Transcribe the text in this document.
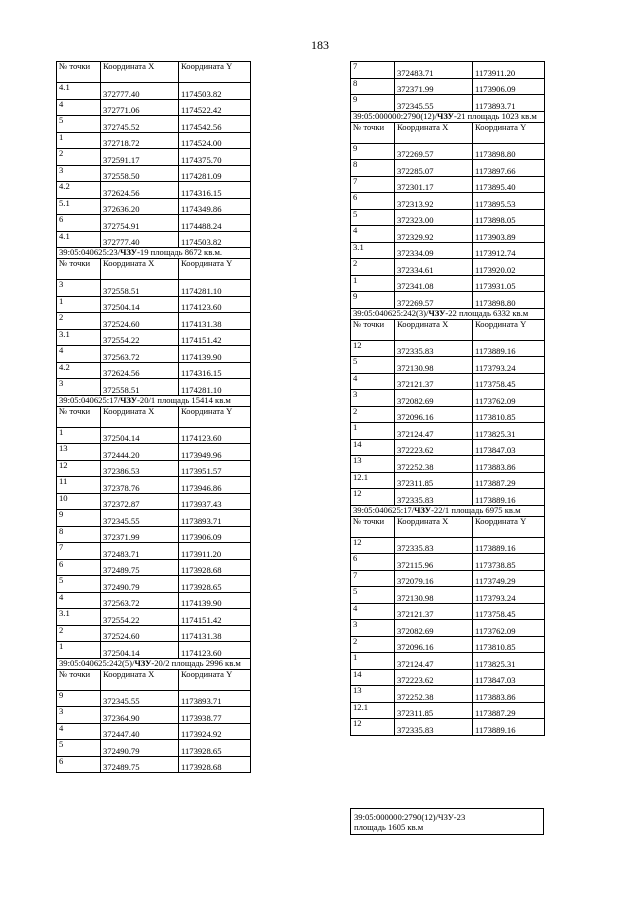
183
№ точки	Координата X	Координата Y
4.1	372777.40	1174503.82
4	372771.06	1174522.42
5	372745.52	1174542.56
1	372718.72	1174524.00
2	372591.17	1174375.70
3	372558.50	1174281.09
4.2	372624.56	1174316.15
5.1	372636.20	1174349.86
6	372754.91	1174488.24
4.1	372777.40	1174503.82
39:05:040625:23/ЧЗУ-19 площадь 8672 кв.м.		
№ точки	Координата X	Координата Y
3	372558.51	1174281.10
1	372504.14	1174123.60
2	372524.60	1174131.38
3.1	372554.22	1174151.42
4	372563.72	1174139.90
4.2	372624.56	1174316.15
3	372558.51	1174281.10
39:05:040625:17/ЧЗУ-20/1 площадь 15414 кв.м		
№ точки	Координата X	Координата Y
1	372504.14	1174123.60
13	372444.20	1173949.96
12	372386.53	1173951.57
11	372378.76	1173946.86
10	372372.87	1173937.43
9	372345.55	1173893.71
8	372371.99	1173906.09
7	372483.71	1173911.20
6	372489.75	1173928.68
5	372490.79	1173928.65
4	372563.72	1174139.90
3.1	372554.22	1174151.42
2	372524.60	1174131.38
1	372504.14	1174123.60
39:05:040625:242(5)/ЧЗУ-20/2 площадь 2996 кв.м		
№ точки	Координата X	Координата Y
9	372345.55	1173893.71
3	372364.90	1173938.77
4	372447.40	1173924.92
5	372490.79	1173928.65
6	372489.75	1173928.68
7	372483.71	1173911.20
8	372371.99	1173906.09
9	372345.55	1173893.71
39:05:000000:2790(12)/ЧЗУ-21 площадь 1023 кв.м		
№ точки	Координата X	Координата Y
9	372269.57	1173898.80
8	372285.07	1173897.66
7	372301.17	1173895.40
6	372313.92	1173895.53
5	372323.00	1173898.05
4	372329.92	1173903.89
3.1	372334.09	1173912.74
2	372334.61	1173920.02
1	372341.08	1173931.05
9	372269.57	1173898.80
39:05:040625:242(3)/ЧЗУ-22 площадь 6332 кв.м		
№ точки	Координата X	Координата Y
12	372335.83	1173889.16
5	372130.98	1173793.24
4	372121.37	1173758.45
3	372082.69	1173762.09
2	372096.16	1173810.85
1	372124.47	1173825.31
14	372223.62	1173847.03
13	372252.38	1173883.86
12.1	372311.85	1173887.29
12	372335.83	1173889.16
39:05:040625:17/ЧЗУ-22/1 площадь 6975 кв.м		
№ точки	Координата X	Координата Y
12	372335.83	1173889.16
6	372115.96	1173738.85
7	372079.16	1173749.29
5	372130.98	1173793.24
4	372121.37	1173758.45
3	372082.69	1173762.09
2	372096.16	1173810.85
1	372124.47	1173825.31
14	372223.62	1173847.03
13	372252.38	1173883.86
12.1	372311.85	1173887.29
12	372335.83	1173889.16
39:05:000000:2790(12)/ЧЗУ-23
площадь 1605 кв.м
